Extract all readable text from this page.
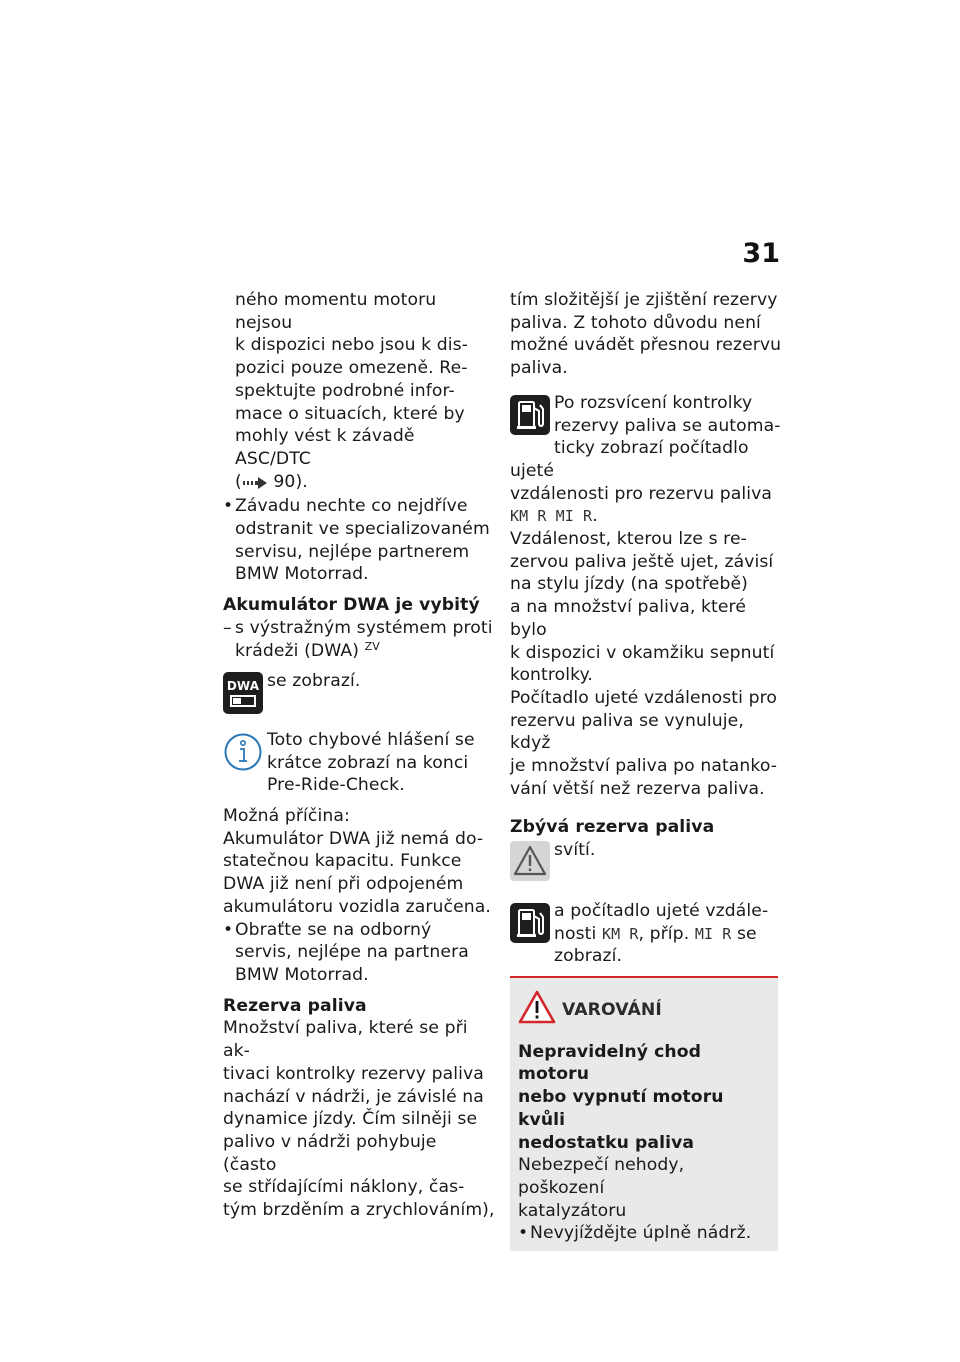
31

ného momentu motoru nejsou

k dispozici nebo jsou k dis-

pozici pouze omezeně. Re-

spektujte podrobné infor-

mace o situacích, které by

mohly vést k závadě ASC/DTC

( 90).

• Závadu nechte co nejdříve

odstranit ve specializovaném

servisu, nejlépe partnerem

BMW Motorrad.

Akumulátor DWA je vybitý
– s výstražným systémem proti

krádeži (DWA) $^{ZV}$

DWA se zobrazí.

Toto chybové hlášení se

krátce zobrazí na konci

Pre-Ride-Check.

Možná příčina:

Akumulátor DWA již nemá do-

statečnou kapacitu. Funkce

DWA již není při odpojeném

akumulátoru vozidla zaručena.

• Obraťte se na odborný

servis, nejlépe na partnera

BMW Motorrad.

Rezerva paliva

Množství paliva, které se při ak-

tivaci kontrolky rezervy paliva

nachází v nádrži, je závislé na

dynamice jízdy. Čím silněji se

palivo v nádrži pohybuje (často

se střídajícími náklony, čas-

tým brzděním a zrychlováním),

tím složitější je zjištění rezervy

paliva. Z tohoto důvodu není

možné uvádět přesnou rezervu

paliva.

Po rozsvícení kontrolky

rezervy paliva se automa-

ticky zobrazí počítadlo ujeté

vzdálenosti pro rezervu paliva

KM R MI R.

Vzdálenost, kterou lze s re-

zervou paliva ještě ujet, závisí

na stylu jízdy (na spotřebě)

a na množství paliva, které bylo

k dispozici v okamžiku sepnutí

kontrolky.

Počítadlo ujeté vzdálenosti pro

rezervu paliva se vynuluje, když

je množství paliva po natanko-

vání větší než rezerva paliva.

Zbývá rezerva paliva

svítí.

a počítadlo ujeté vzdále-

nosti KM R, příp. MI R se

zobrazí.

VAROVÁNÍ
Nepravidelný chod motoru
nebo vypnutí motoru kvůli
nedostatku paliva

Nebezpečí nehody, poškození

katalyzátoru

• Nevyjíždějte úplně nádrž.
